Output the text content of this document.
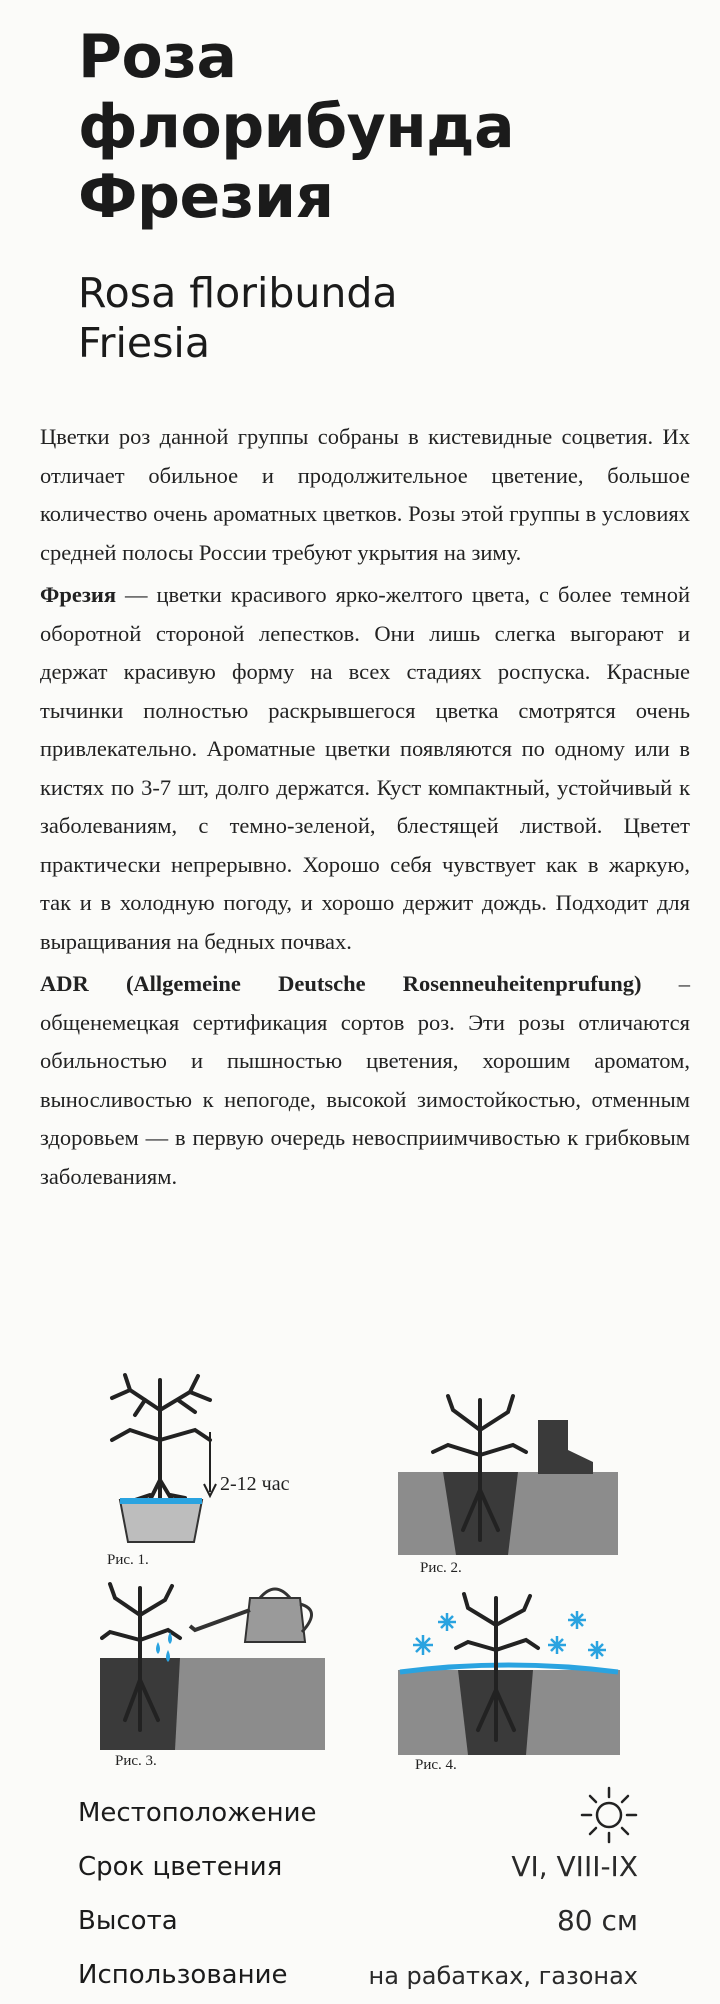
Роза
флорибунда
Фрезия
Rosa floribunda
Friesia

Цветки роз данной группы собраны в кистевидные соцветия. Их отличает обильное и продолжительное цветение, большое количество очень ароматных цветков. Розы этой группы в условиях средней полосы России требуют укрытия на зиму.

Фрезия — цветки красивого ярко-желтого цвета, с более темной оборотной стороной лепестков. Они лишь слегка выгорают и держат красивую форму на всех стадиях роспуска. Красные тычинки полностью раскрывшегося цветка смотрятся очень привлекательно. Ароматные цветки появляются по одному или в кистях по 3-7 шт, долго держатся. Куст компактный, устойчивый к заболеваниям, с темно-зеленой, блестящей листвой. Цветет практически непрерывно. Хорошо себя чувствует как в жаркую, так и в холодную погоду, и хорошо держит дождь. Подходит для выращивания на бедных почвах.

ADR (Allgemeine Deutsche Rosenneuheitenprufung) – общенемецкая сертификация сортов роз. Эти розы отличаются обильностью и пышностью цветения, хорошим ароматом, выносливостью к непогоде, высокой зимостойкостью, отменным здоровьем — в первую очередь невосприимчивостью к грибковым заболеваниям.

2-12 час
Рис. 1.	Рис. 2.
Рис. 3.	Рис. 4.
Местоположение
Срок цветения	VI, VIII-IX
Высота	80 см
Использование	на рабатках, газонах
